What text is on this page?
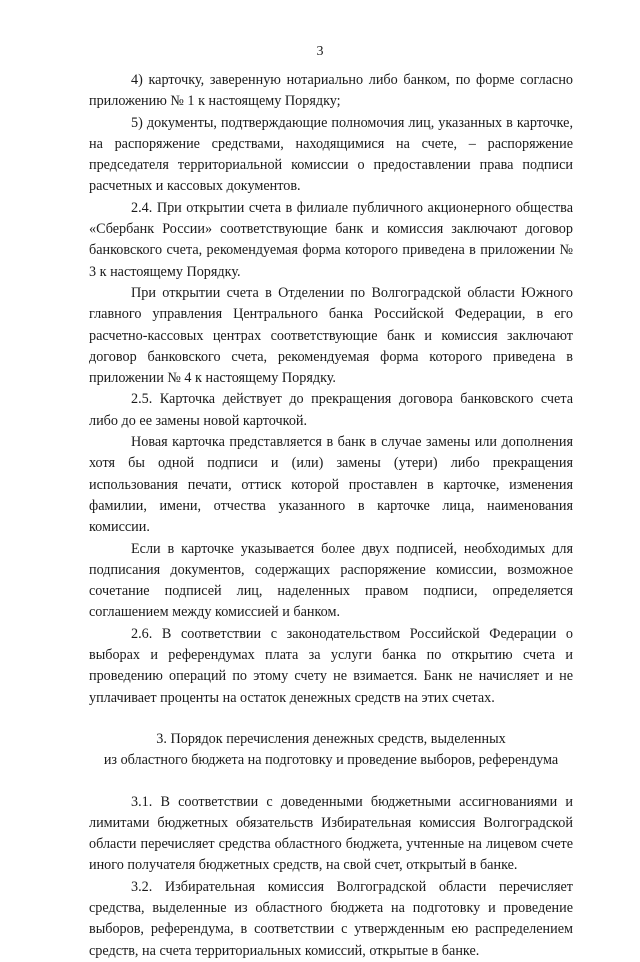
3

4) карточку, заверенную нотариально либо банком, по форме согласно приложению № 1 к настоящему Порядку;

5) документы, подтверждающие полномочия лиц, указанных в карточке, на распоряжение средствами, находящимися на счете, – распоряжение председателя территориальной комиссии о предоставлении права подписи расчетных и кассовых документов.

2.4. При открытии счета в филиале публичного акционерного общества «Сбербанк России» соответствующие банк и комиссия заключают договор банковского счета, рекомендуемая форма которого приведена в приложении № 3 к настоящему Порядку.

При открытии счета в Отделении по Волгоградской области Южного главного управления Центрального банка Российской Федерации, в его расчетно-кассовых центрах соответствующие банк и комиссия заключают договор банковского счета, рекомендуемая форма которого приведена в приложении № 4 к настоящему Порядку.

2.5. Карточка действует до прекращения договора банковского счета либо до ее замены новой карточкой.

Новая карточка представляется в банк в случае замены или дополнения хотя бы одной подписи и (или) замены (утери) либо прекращения использования печати, оттиск которой проставлен в карточке, изменения фамилии, имени, отчества указанного в карточке лица, наименования комиссии.

Если в карточке указывается более двух подписей, необходимых для подписания документов, содержащих распоряжение комиссии, возможное сочетание подписей лиц, наделенных правом подписи, определяется соглашением между комиссией и банком.

2.6. В соответствии с законодательством Российской Федерации о выборах и референдумах плата за услуги банка по открытию счета и проведению операций по этому счету не взимается. Банк не начисляет и не уплачивает проценты на остаток денежных средств на этих счетах.

3. Порядок перечисления денежных средств, выделенных
из областного бюджета на подготовку и проведение выборов, референдума

3.1. В соответствии с доведенными бюджетными ассигнованиями и лимитами бюджетных обязательств Избирательная комиссия Волгоградской области перечисляет средства областного бюджета, учтенные на лицевом счете иного получателя бюджетных средств, на свой счет, открытый в банке.

3.2. Избирательная комиссия Волгоградской области перечисляет средства, выделенные из областного бюджета на подготовку и проведение выборов, референдума, в соответствии с утвержденным ею распределением средств, на счета территориальных комиссий, открытые в банке.
